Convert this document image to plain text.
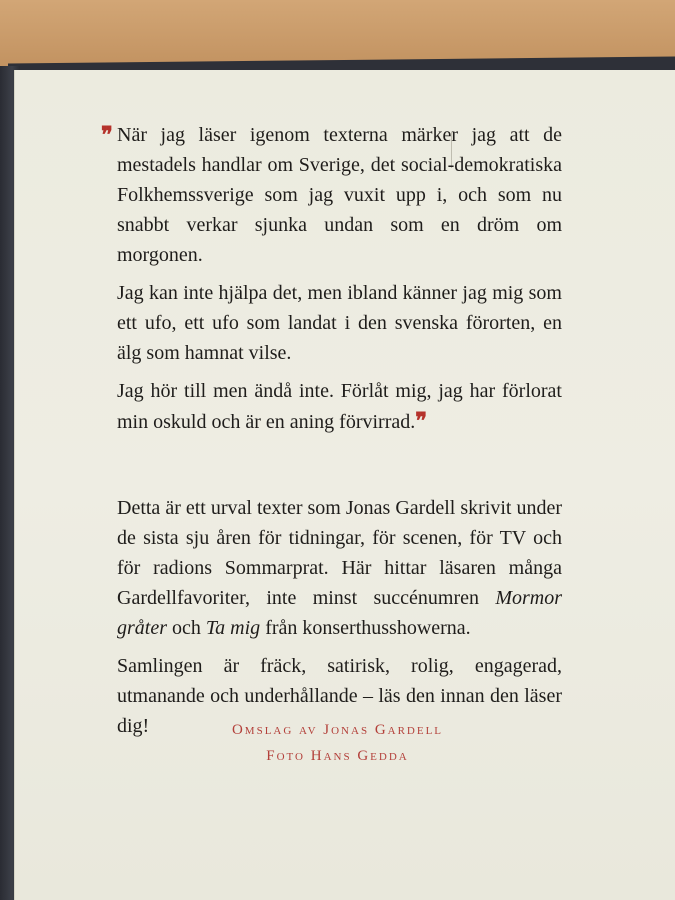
❞ När jag läser igenom texterna märker jag att de mestadels handlar om Sverige, det social-demokratiska Folkhemssverige som jag vuxit upp i, och som nu snabbt verkar sjunka undan som en dröm om morgonen.

Jag kan inte hjälpa det, men ibland känner jag mig som ett ufo, ett ufo som landat i den svenska förorten, en älg som hamnat vilse.

Jag hör till men ändå inte. Förlåt mig, jag har förlorat min oskuld och är en aning förvirrad.❞

Detta är ett urval texter som Jonas Gardell skrivit under de sista sju åren för tidningar, för scenen, för TV och för radions Sommarprat. Här hittar läsaren många Gardellfavoriter, inte minst succénumren Mormor gråter och Ta mig från konserthusshowerna.

Samlingen är fräck, satirisk, rolig, engagerad, utmanande och underhållande – läs den innan den läser dig!	Omslag av Jonas Gardell
Foto Hans Gedda
